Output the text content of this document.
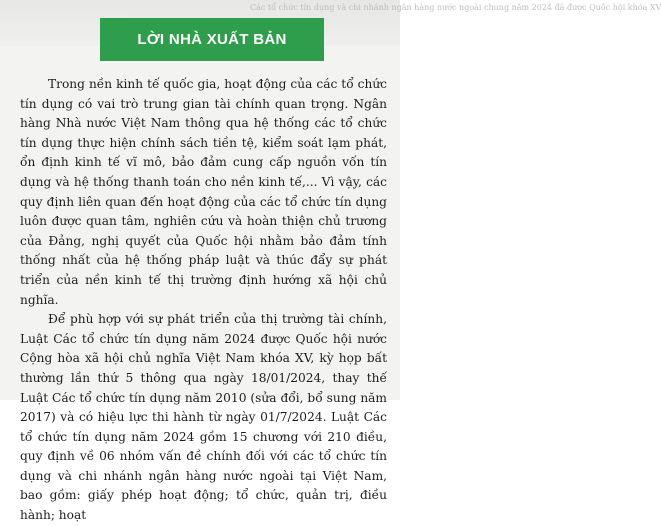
Các tổ chức tín dụng và chi nhánh ngân hàng nước ngoài chung năm 2024 đã được Quốc hội khóa XV
LỜI NHÀ XUẤT BẢN

Trong nền kinh tế quốc gia, hoạt động của các tổ chức tín dụng có vai trò trung gian tài chính quan trọng. Ngân hàng Nhà nước Việt Nam thông qua hệ thống các tổ chức tín dụng thực hiện chính sách tiền tệ, kiểm soát lạm phát, ổn định kinh tế vĩ mô, bảo đảm cung cấp nguồn vốn tín dụng và hệ thống thanh toán cho nền kinh tế,... Vì vậy, các quy định liên quan đến hoạt động của các tổ chức tín dụng luôn được quan tâm, nghiên cứu và hoàn thiện chủ trương của Đảng, nghị quyết của Quốc hội nhằm bảo đảm tính thống nhất của hệ thống pháp luật và thúc đẩy sự phát triển của nền kinh tế thị trường định hướng xã hội chủ nghĩa.

Để phù hợp với sự phát triển của thị trường tài chính, Luật Các tổ chức tín dụng năm 2024 được Quốc hội nước Cộng hòa xã hội chủ nghĩa Việt Nam khóa XV, kỳ họp bất thường lần thứ 5 thông qua ngày 18/01/2024, thay thế Luật Các tổ chức tín dụng năm 2010 (sửa đổi, bổ sung năm 2017) và có hiệu lực thi hành từ ngày 01/7/2024. Luật Các tổ chức tín dụng năm 2024 gồm 15 chương với 210 điều, quy định về 06 nhóm vấn đề chính đối với các tổ chức tín dụng và chi nhánh ngân hàng nước ngoài tại Việt Nam, bao gồm: giấy phép hoạt động; tổ chức, quản trị, điều hành; hoạt
